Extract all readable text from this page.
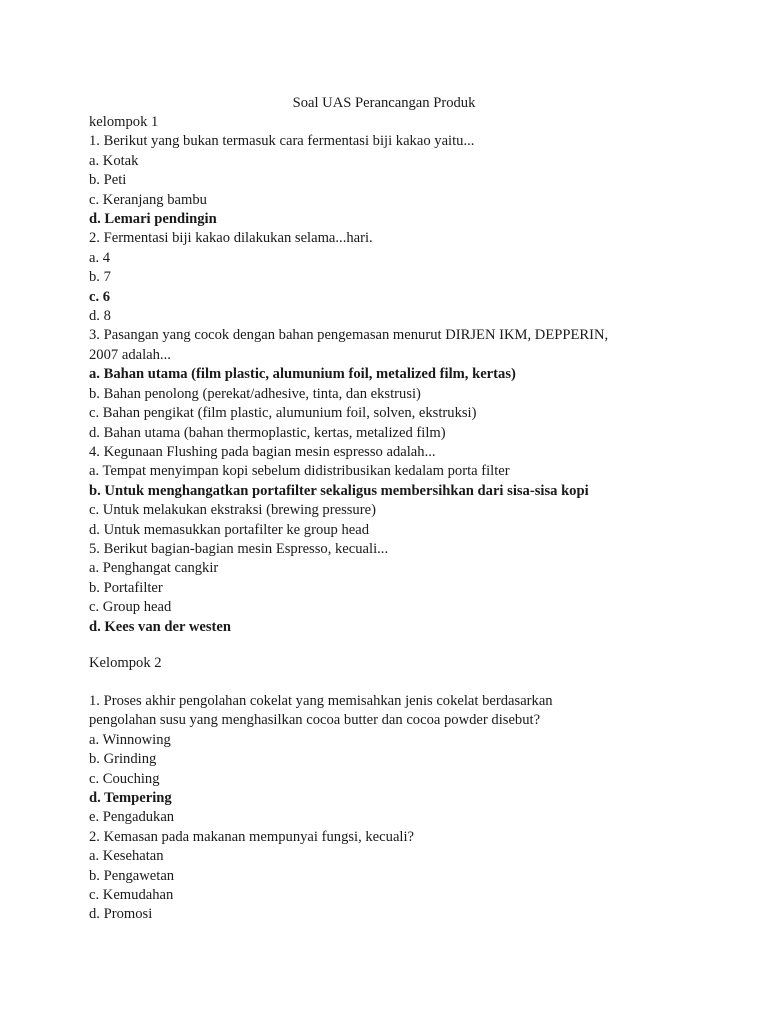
Soal UAS Perancangan Produk
kelompok 1
1. Berikut yang bukan termasuk cara fermentasi biji kakao yaitu...
a. Kotak
b. Peti
c. Keranjang bambu
d. Lemari pendingin
2. Fermentasi biji kakao dilakukan selama...hari.
a. 4
b. 7
c. 6
d. 8
3. Pasangan yang cocok dengan bahan pengemasan menurut DIRJEN IKM, DEPPERIN,
2007 adalah...
a. Bahan utama (film plastic, alumunium foil, metalized film, kertas)
b. Bahan penolong (perekat/adhesive, tinta, dan ekstrusi)
c. Bahan pengikat (film plastic, alumunium foil, solven, ekstruksi)
d. Bahan utama (bahan thermoplastic, kertas, metalized film)
4. Kegunaan Flushing pada bagian mesin espresso adalah...
a. Tempat menyimpan kopi sebelum didistribusikan kedalam porta filter
b. Untuk menghangatkan portafilter sekaligus membersihkan dari sisa-sisa kopi
c. Untuk melakukan ekstraksi (brewing pressure)
d. Untuk memasukkan portafilter ke group head
5. Berikut bagian-bagian mesin Espresso, kecuali...
a. Penghangat cangkir
b. Portafilter
c. Group head
d. Kees van der westen
Kelompok 2
1. Proses akhir pengolahan cokelat yang memisahkan jenis cokelat berdasarkan
pengolahan susu yang menghasilkan cocoa butter dan cocoa powder disebut?
a. Winnowing
b. Grinding
c. Couching
d. Tempering
e. Pengadukan
2. Kemasan pada makanan mempunyai fungsi, kecuali?
a. Kesehatan
b. Pengawetan
c. Kemudahan
d. Promosi
